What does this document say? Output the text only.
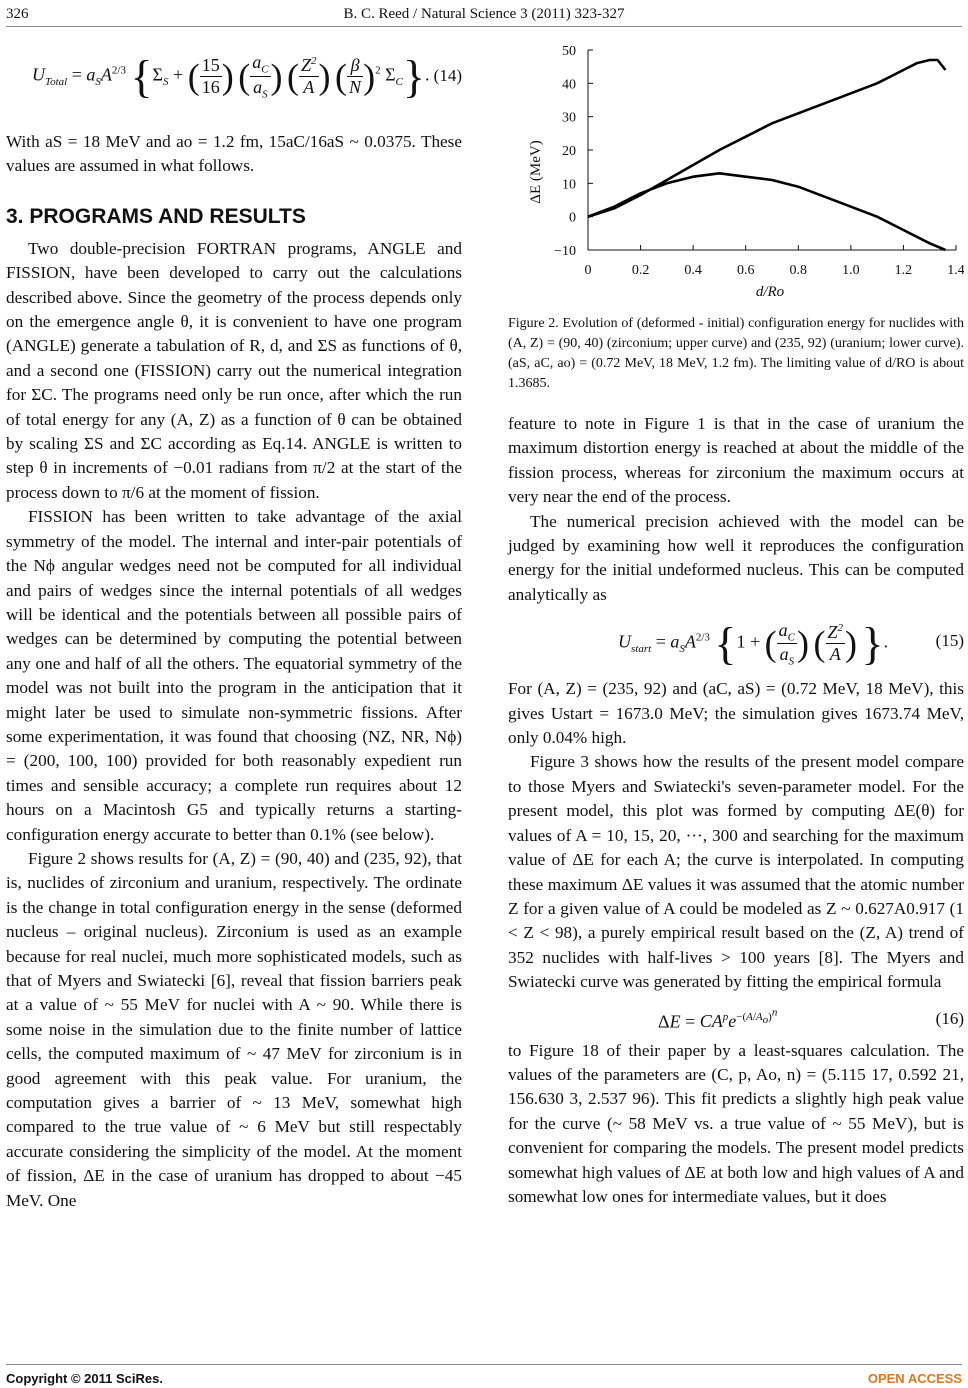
326	B. C. Reed / Natural Science 3 (2011) 323-327
$U_{Total} = a_SA^{2/3}$ {$\Sigma_S$ + ( $\frac{15}{16}$ ) ( $\frac{a_C}{a_S}$ ) ( $\frac{Z^2}{A}$ ) ( $\frac{\beta}{N} )^2$ $\Sigma_C$}. (14)

With aS = 18 MeV and ao = 1.2 fm, 15aC/16aS ~ 0.0375. These values are assumed in what follows.

3. PROGRAMS AND RESULTS

Two double-precision FORTRAN programs, ANGLE and FISSION, have been developed to carry out the calculations described above. Since the geometry of the process depends only on the emergence angle θ, it is convenient to have one program (ANGLE) generate a tabulation of R, d, and ΣS as functions of θ, and a second one (FISSION) carry out the numerical integration for ΣC. The programs need only be run once, after which the run of total energy for any (A, Z) as a function of θ can be obtained by scaling ΣS and ΣC according as Eq.14. ANGLE is written to step θ in increments of −0.01 radians from π/2 at the start of the process down to π/6 at the moment of fission.

FISSION has been written to take advantage of the axial symmetry of the model. The internal and inter-pair potentials of the Nϕ angular wedges need not be computed for all individual and pairs of wedges since the internal potentials of all wedges will be identical and the potentials between all possible pairs of wedges can be determined by computing the potential between any one and half of all the others. The equatorial symmetry of the model was not built into the program in the anticipation that it might later be used to simulate non-symmetric fissions. After some experimentation, it was found that choosing (NZ, NR, Nϕ) = (200, 100, 100) provided for both reasonably expedient run times and sensible accuracy; a complete run requires about 12 hours on a Macintosh G5 and typically returns a starting-configuration energy accurate to better than 0.1% (see below).

Figure 2 shows results for (A, Z) = (90, 40) and (235, 92), that is, nuclides of zirconium and uranium, respectively. The ordinate is the change in total configuration energy in the sense (deformed nucleus – original nucleus). Zirconium is used as an example because for real nuclei, much more sophisticated models, such as that of Myers and Swiatecki [6], reveal that fission barriers peak at a value of ~ 55 MeV for nuclei with A ~ 90. While there is some noise in the simulation due to the finite number of lattice cells, the computed maximum of ~ 47 MeV for zirconium is in good agreement with this peak value. For uranium, the computation gives a barrier of ~ 13 MeV, somewhat high compared to the true value of ~ 6 MeV but still respectably accurate considering the simplicity of the model. At the moment of fission, ΔE in the case of uranium has dropped to about −45 MeV. One

−10
0
10
20
30
40
50
0	0.2	0.4	0.6	0.8	1.0	1.2	1.4
ΔE (MeV)
d/Ro

Figure 2. Evolution of (deformed - initial) configuration energy for nuclides with (A, Z) = (90, 40) (zirconium; upper curve) and (235, 92) (uranium; lower curve). (aS, aC, ao) = (0.72 MeV, 18 MeV, 1.2 fm). The limiting value of d/RO is about 1.3685.

feature to note in Figure 1 is that in the case of uranium the maximum distortion energy is reached at about the middle of the fission process, whereas for zirconium the maximum occurs at very near the end of the process.

The numerical precision achieved with the model can be judged by examining how well it reproduces the configuration energy for the initial undeformed nucleus. This can be computed analytically as

$U_{start} = a_SA^{2/3}$ {1 + ( $\frac{a_C}{a_S}$ ) ( $\frac{Z^2}{A}$ ) }.	(15)

For (A, Z) = (235, 92) and (aC, aS) = (0.72 MeV, 18 MeV), this gives Ustart = 1673.0 MeV; the simulation gives 1673.74 MeV, only 0.04% high.

Figure 3 shows how the results of the present model compare to those Myers and Swiatecki's seven-parameter model. For the present model, this plot was formed by computing ΔE(θ) for values of A = 10, 15, 20, ···, 300 and searching for the maximum value of ΔE for each A; the curve is interpolated. In computing these maximum ΔE values it was assumed that the atomic number Z for a given value of A could be modeled as Z ~ 0.627A0.917 (1 < Z < 98), a purely empirical result based on the (Z, A) trend of 352 nuclides with half-lives > 100 years [8]. The Myers and Swiatecki curve was generated by fitting the empirical formula

$\Delta E = CA^pe^{-(A/A_o)^n}$	(16)

to Figure 18 of their paper by a least-squares calculation. The values of the parameters are (C, p, Ao, n) = (5.115 17, 0.592 21, 156.630 3, 2.537 96). This fit predicts a slightly high peak value for the curve (~ 58 MeV vs. a true value of ~ 55 MeV), but is convenient for comparing the models. The present model predicts somewhat high values of ΔE at both low and high values of A and somewhat low ones for intermediate values, but it does

Copyright © 2011 SciRes.	OPEN ACCESS
